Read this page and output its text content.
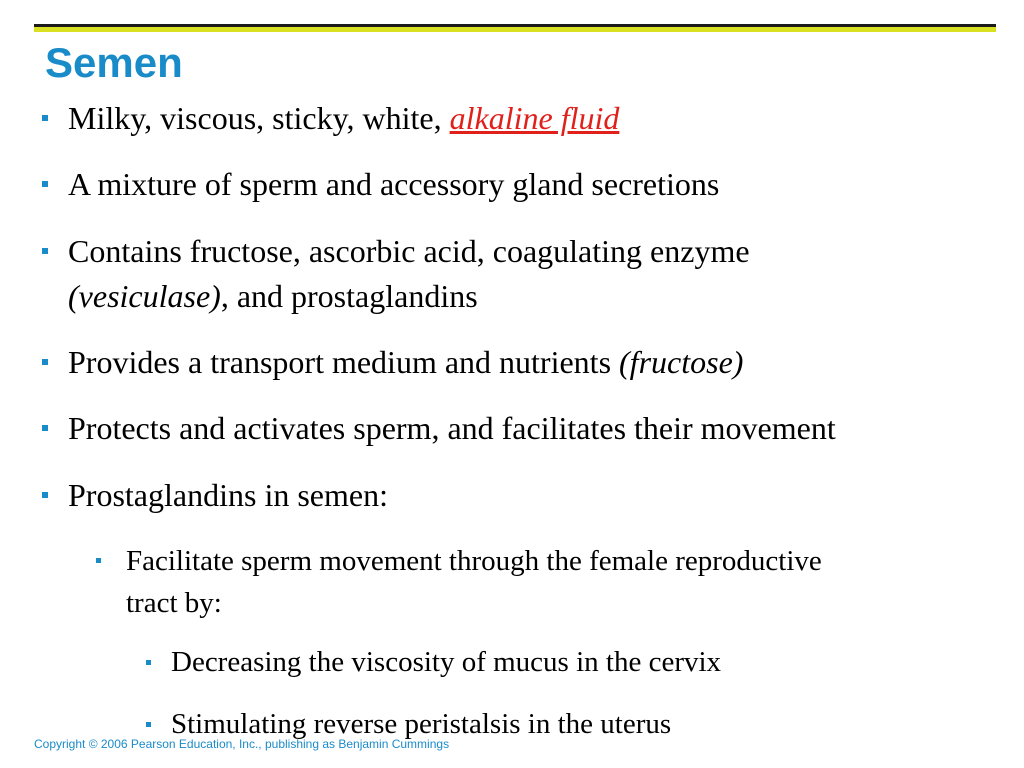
Semen
Milky, viscous, sticky, white, alkaline fluid
A mixture of sperm and accessory gland secretions
Contains fructose, ascorbic acid, coagulating enzyme
(vesiculase), and prostaglandins
Provides a transport medium and nutrients (fructose)
Protects and activates sperm, and facilitates their movement
Prostaglandins in semen:
Facilitate sperm movement through the female reproductive
tract by:
Decreasing the viscosity of mucus in the cervix
Stimulating reverse peristalsis in the uterus
Copyright © 2006 Pearson Education, Inc., publishing as Benjamin Cummings
